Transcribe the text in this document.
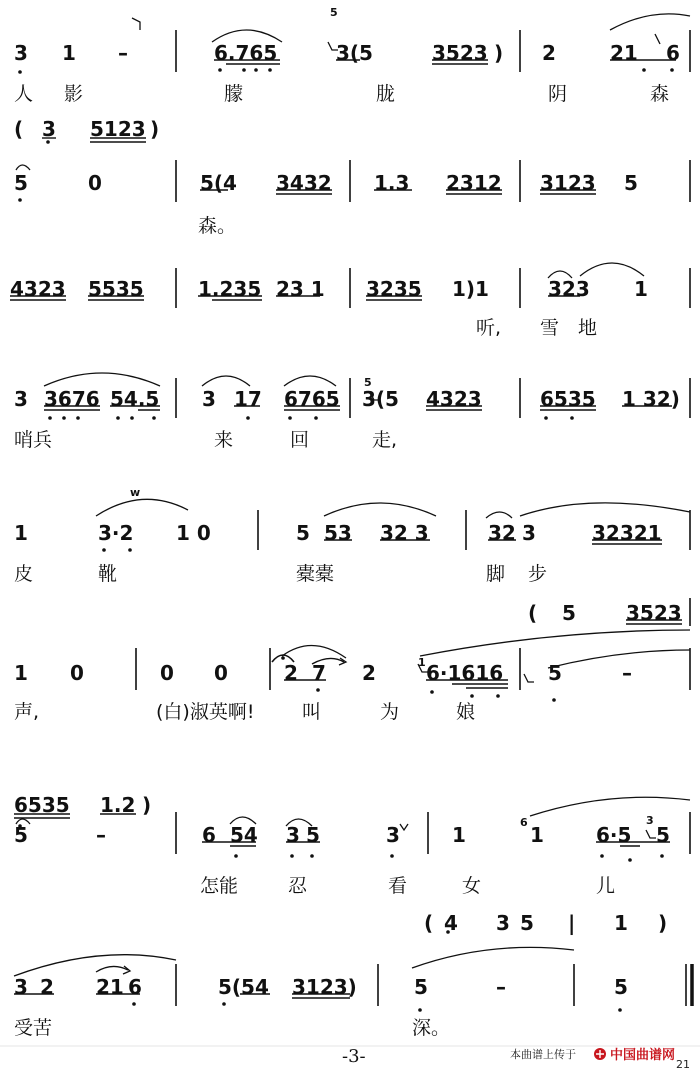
5
5
1
6	3
w
( 3 5123 )
( 5	3523
6535 1.2 )
( 4 3 5 | 1 )
3 1 –	6.765	3(5	3523 ) 2	21 6
5	0	5(4 3432 1.3 2312 3123 5
4323 5535	1.235 23 1 3235 1)1	323 1
3 3676 54.5 3 17 6765 3(5 4323	6535 1 32)
1	3·2 1 0	5 53 32 3	32 3	32321
1 0	0 0	2 7 2	6·1616 5	–
5	–	6 54 3 5	3	1	1	6·5 5
3 2 21 6	5(54 3123)	5	–	5
人 影	朦	胧	阴	森
森。
听, 雪 地
哨兵	来	回	走,
皮	靴	橐橐	脚 步
声,	(白)淑英啊!	叫	为	娘
怎能	忍	看	女	儿
受苦	深。
-3-	本曲谱上传于	中国曲谱网
21
